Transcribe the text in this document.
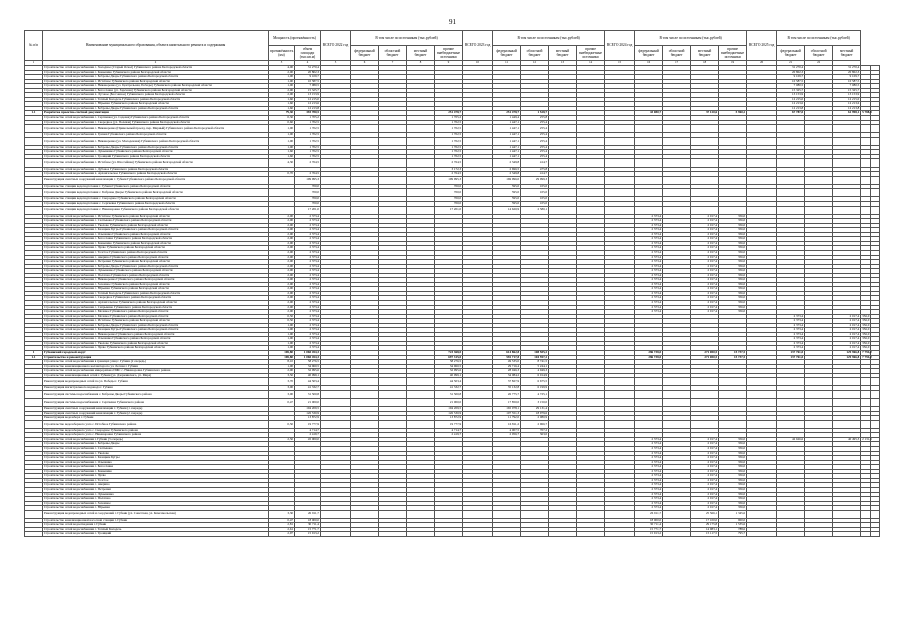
91
№ п/п	Наименование муниципального образования, объекта капитального ремонта и содержания	Мощность (протяжённость)		ВСЕГО 2022 год	В том числе по источникам (тыс.рублей)				ВСЕГО 2023 год	В том числе по источникам (тыс.рублей)				ВСЕГО 2024 год	В том числе по источникам (тыс.рублей)				ВСЕГО 2025 год	В том числе по источникам (тыс.рублей)				
		протяжённость (км)	объем площади (тыс.кв.м)		федеральный бюджет	областной бюджет	местный бюджет	прочие внебюджетные источники		федеральный бюджет	областной бюджет	местный бюджет	прочие внебюджетные источники		федеральный бюджет	областной бюджет	местный бюджет	прочие внебюджетные источники		федеральный бюджет	областной бюджет	местный бюджет		
1	2	3	4	5	6	7	8	9	10	11	12	13	14	15	16	17	18	19	20	21	22			
	Строительство сетей водоснабжения с. Холодное (Старый Оскол) Губкинского района Белгородской области	4,00	31 270,4																	31 270,4		31 270,4		
	Строительство сетей водоснабжения с. Коньшино Губкинского района Белгородской области	2,00	20 802,3																	20 802,3		20 802,3		
	Строительство сетей водоснабжения с. Бобровы Дворы Губкинского района Белгородской области	1,00	9 109,7																	9 109,7		9 109,7		
	Строительство сетей водоснабжения с. Истобное Губкинского района Белгородской области	1,00	10 587,5																	10 587,5		10 587,5		
	Строительство сетей водоснабжения с. Никаноровка (ул. Центральная, Победы) Губкинского района Белгородской области	1,00	7 080,5																	7 080,5		7 080,5		
	Строительство сетей водоснабжения с. Богословка (ул. Заречная) Губкинского района Белгородской области	2,00	15 325,7																	15 325,7		15 325,7		
	Строительство сетей водоснабжения х. Луговое (Бессонное) Губкинского района Белгородской области	2,00	13 153,9																	13 153,9		13 153,9		
	Строительство сетей водоснабжения с. Теплый Колодезь Губкинского района Белгородской области	1,60	12 215,0																	12 215,0		12 215,0		
	Строительство сетей водоснабжения с. Юрьевка Губкинского района Белгородской области	1,60	12 213,6																	12 213,6		12 213,6		
	Строительство сетей водоснабжения с. Бобровы Дворы Губкинского района Белгородской области	1,60	12 213,8																	12 213,8		12 213,8		
1.1	Разработка проектно-сметной документации	79,30	393 780,5					251 478,7		251 478,7	1 528,7				43 080,7		37 120,6	5 960,2		67 787,0		61 998,1	5 788,9	
	Строительство сетей водоснабжения с. Сергиевка (ул. Садовая) Губкинского района Белгородской области	0,30	1 705,2					1 705,2		1 449,4	255,8													
	Строительство сетей водоснабжения с. Скородное (ул. Полевая) Губкинского района Белгородской области	0,60	1 702,5					1 702,5		1 447,1	255,4													
	Строительство сетей водоснабжения с. Никаноровка (Привольный проезд, пер. Мирный) Губкинского района Белгородской области	1,00	1 702,5					1 702,5		1 447,1	255,4													
	Строительство сетей водоснабжения х. Гринев Губкинского района Белгородской области	1,00	1 702,5					1 702,5		1 447,1	255,4													
	Строительство сетей водоснабжения с. Никаноровка (ул. Молодежная) Губкинского района Белгородской области	1,00	1 702,5					1 702,5		1 447,1	255,4													
	Строительство сетей водоснабжения с. Бобровы Дворы Губкинского района Белгородской области	1,00	1 702,5					1 702,5		1 447,1	255,4													
	Строительство сетей водоснабжения с. Лукьяновка Губкинского района Белгородской области	1,60	1 702,5					1 702,5		1 447,1	255,4													
	Строительство сетей водоснабжения с. Троицкий Губкинского района Белгородской области	1,60	1 702,5					1 702,5		1 447,1	255,4													
	Строительство сетей водоснабжения с. Истобное (ул. Шоссейная) Губкинского района Белгородской области	4,30	2 764,5					2 764,5		2 349,8	414,7													
	Строительство сетей водоснабжения с. Дубовое Губкинского района Белгородской области							3 172,3		2 696,5	475,8													
	Строительство сетей водоснабжения х. Архангельское Губкинского района Белгородской области	0,70	2 764,5					2 764,5		2 349,8	414,7													
	Реконструкция очистных сооружений канализации г. Губкин Губкинского района Белгородской области		199 995,3					199 995,3		169 996,0	29 999,3													
	Строительство станции водоподготовки г. Губкин Губкинского района Белгородской области		700,0					700,0		595,0	105,0													
	Строительство станции водоподготовки с. Бобровы Дворы Губкинского района Белгородской области		700,0					700,0		595,0	105,0													
	Строительство станции водоподготовки с. Скородное Губкинского района Белгородской области		700,0					700,0		595,0	105,0													
	Строительство станции водоподготовки с. Сергиевка Губкинского района Белгородской области		700,0					700,0		595,0	105,0													
	Строительство станции водоподготовки с. Никаноровка Губкинского района Белгородской области		17 201,0					17 201,0		14 620,9	2 580,1													
	Строительство сетей водоснабжения с. Истобное Губкинского района Белгородской области	2,00	2 373,4												2 373,4		2 017,4	356,0						
	Строительство сетей водоснабжения с. Салтыково Губкинского района Белгородской области	2,00	2 373,4												2 373,4		2 017,4	356,0						
	Строительство сетей водоснабжения с. Уколово Губкинского района Белгородской области	2,00	2 373,4												2 373,4		2 017,4	356,0						
	Строительство сетей водоснабжения с. Казацкие Бугры Губкинского района Белгородской области	2,00	2 373,4												2 373,4		2 017,4	356,0						
	Строительство сетей водоснабжения с. Ольшанка Губкинского района Белгородской области	2,00	2 373,4												2 373,4		2 017,4	356,0						
	Строительство сетей водоснабжения с. Богословка Губкинского района Белгородской области	2,00	2 373,4												2 373,4		2 017,4	356,0						
	Строительство сетей водоснабжения с. Коньшино Губкинского района Белгородской области	2,00	2 373,4												2 373,4		2 017,4	356,0						
	Строительство сетей водоснабжения с. Чуево Губкинского района Белгородской области	2,00	2 373,4												2 373,4		2 017,4	356,0						
	Строительство сетей водоснабжения с. Толстое Губкинского района Белгородской области	2,00	2 373,4												2 373,4		2 017,4	356,0						
	Строительство сетей водоснабжения с. Аверино Губкинского района Белгородской области	2,00	2 373,4												2 373,4		2 017,4	356,0						
	Строительство сетей водоснабжения с. Петровки Губкинского района Белгородской области	2,00	2 373,4												2 373,4		2 017,4	356,0						
	Строительство сетей водоснабжения с. Бобровы Дворы Губкинского района Белгородской области	2,00	2 373,4												2 373,4		2 017,4	356,0						
	Строительство сетей водоснабжения с. Лукьяновка Губкинского района Белгородской области	2,00	2 373,4												2 373,4		2 017,4	356,0						
	Строительство сетей водоснабжения с. Палатово Губкинского района Белгородской области	2,00	2 373,4												2 373,4		2 017,4	356,0						
	Строительство сетей водоснабжения с. Никаноровка Губкинского района Белгородской области	2,00	2 373,4												2 373,4		2 017,4	356,0						
	Строительство сетей водоснабжения с. Заломное Губкинского района Белгородской области	2,00	2 373,4												2 373,4		2 017,4	356,0						
	Строительство сетей водоснабжения с. Юрьевка Губкинского района Белгородской области	2,00	2 373,4												2 373,4		2 017,4	356,0						
	Строительство сетей водоснабжения с. Теплый Колодезь Губкинского района Белгородской области	2,00	2 373,4												2 373,4		2 017,4	356,0						
	Строительство сетей водоснабжения с. Скородное Губкинского района Белгородской области	2,00	2 373,4												2 373,4		2 017,4	356,0						
	Строительство сетей водоснабжения с. Архангельское Губкинского района Белгородской области	2,00	2 373,4												2 373,4		2 017,4	356,0						
	Строительство сетей водоснабжения с. Сапрыкино Губкинского района Белгородской области	2,00	2 373,4												2 373,4		2 017,4	356,0						
	Строительство сетей водоснабжения с. Мелавое Губкинского района Белгородской области	2,00	2 373,4												2 373,4		2 017,4	356,0						
	Строительство сетей водоснабжения с. Мелавое Губкинского района Белгородской области	0,50	2 373,4																	2 373,4		2 017,4	356,0	
	Строительство сетей водоснабжения с. Истобное Губкинского района Белгородской области	0,50	2 373,4																	2 373,4		2 017,4	356,0	
	Строительство сетей водоснабжения с. Бобровы Дворы Губкинского района Белгородской области	1,00	2 373,4																	2 373,4		2 017,4	356,0	
	Строительство сетей водоснабжения с. Казацкие Бугры Губкинского района Белгородской области	1,00	2 373,4																	2 373,4		2 017,4	356,0	
	Строительство сетей водоснабжения с. Никаноровка Губкинского района Белгородской области	1,00	2 373,4																	2 373,4		2 017,4	356,0	
	Строительство сетей водоснабжения с. Ольшанка Губкинского района Белгородской области	1,00	2 373,4																	2 373,4		2 017,4	356,0	
	Строительство сетей водоснабжения с. Уколово Губкинского района Белгородской области	1,00	2 373,4																	2 373,4		2 017,4	356,0	
	Строительство сетей водоснабжения с. Чуево Губкинского района Белгородской области	1,00	2 373,4																	2 373,4		2 017,4	356,0	
1	Губкинский городской округ	169,80	1 060 454,3					723 368,0		614 862,8	108 505,2				286 738,0		271 000,5	15 737,5		137 761,0		129 966,8	7 794,2	
1.1	Строительство и реконструкция	169,80	1 060 454,3					697 315,0		592 717,8	104 597,2				286 738,0		271 000,5	15 737,5		137 761,0		129 966,8	7 794,2	
	Строительство сетей водоснабжения в границах улиц г. Губкин (2 очередь)	8,10	58 276,5					58 276,5		49 535,0	8 741,5													
	Строительство канализационного коллектора по ул. Лесная г. Губкин	1,00	34 960,5					34 960,5		29 716,4	5 244,1													
	Строительство сетей водоснабжения микрорайона ИЖС с. Никаноровка Губкинского района	2,00	32 995,6					32 995,6		28 046,3	4 949,3													
	Строительство канализационных сетей г. Губкин (ул. Дзержинского, ул. Мира)	3,50	40 099,1					40 099,1		34 084,2	6 014,9													
	Реконструкция водопроводных сетей по ул. Победы г. Губкин	3,70	44 503,4					44 503,4		37 827,9	6 675,5													
	Реконструкция магистрального водовода г. Губкин	3,00	41 332,7					41 332,7		35 132,8	6 199,9													
	Реконструкция системы водоснабжения с. Бобровы Дворы Губкинского района	3,00	31 500,8					31 500,8		26 775,7	4 725,1													
	Реконструкция системы водоснабжения с. Сергиевка Губкинского района	0,47	21 000,0					21 000,0		17 850,0	3 150,0													
	Реконструкция очистных сооружений канализации г. Губкин (1 очередь)		194 209,5					194 209,5		165 078,1	29 131,4													
	Реконструкция очистных сооружений канализации г. Губкин (2 очередь)		126 530,9					126 530,9		107 551,3	18 979,6													
	Реконструкция водозабора г. Губкин		13 872,9					13 872,9		11 792,0	2 080,9													
	Строительство водозаборного узла с. Истобное Губкинского района	0,50	19 777,9					19 777,9		16 811,2	2 966,7													
	Строительство водозаборного узла с. Скородное Губкинского района		4 714,7					4 714,7		4 007,5	707,2													
	Строительство водозаборного узла с. Никаноровка Губкинского района		2 419,7					2 419,7		2 056,7	363,0													
	Строительство сетей водоснабжения г. Губкин (3 очередь)	2,50	45 000,0												2 373,4		2 017,4	356,0		42 626,6		40 495,3	2 131,3	
	Строительство сетей водоснабжения с. Бобровы Дворы														2 373,4		2 017,4	356,0						
	Строительство сетей водоснабжения с. Салтыково														2 373,4		2 017,4	356,0						
	Строительство сетей водоснабжения с. Уколово														2 373,4		2 017,4	356,0						
	Строительство сетей водоснабжения с. Казацкие Бугры														2 373,4		2 017,4	356,0						
	Строительство сетей водоснабжения с. Ольшанка														2 373,4		2 017,4	356,0						
	Строительство сетей водоснабжения с. Богословка														2 373,4		2 017,4	356,0						
	Строительство сетей водоснабжения с. Коньшино														2 373,4		2 017,4	356,0						
	Строительство сетей водоснабжения с. Чуево														2 373,4		2 017,4	356,0						
	Строительство сетей водоснабжения с. Толстое														2 373,4		2 017,4	356,0						
	Строительство сетей водоснабжения с. Аверино														2 373,4		2 017,4	356,0						
	Строительство сетей водоснабжения с. Петровки														2 373,4		2 017,4	356,0						
	Строительство сетей водоснабжения с. Лукьяновка														2 373,4		2 017,4	356,0						
	Строительство сетей водоснабжения с. Палатово														2 373,4		2 017,4	356,0						
	Строительство сетей водоснабжения с. Заломное														2 373,4		2 017,4	356,0						
	Строительство сетей водоснабжения с. Юрьевка														2 373,4		2 017,4	356,0						
	Реконструкция водопроводных сетей и сооружений г. Губкин (ул. Советская, ул. Комсомольская)	3,30	26 911,7												26 911,7		25 566,1	1 345,6						
	Строительство канализационной насосной станции г. Губкин	0,47	18 000,0												18 000,0		17 100,0	900,0						
	Строительство сетей водоотведения г. Губкин	2,81	30 711,4												30 711,4		29 175,8	1 535,6						
	Строительство сетей водоснабжения с. Теплый Колодезь	2,61	15 771,7												15 771,7		14 983,1	788,6						
	Строительство сетей водоснабжения с. Троицкий	2,97	15 913,2												15 913,2		15 117,5	795,7						
